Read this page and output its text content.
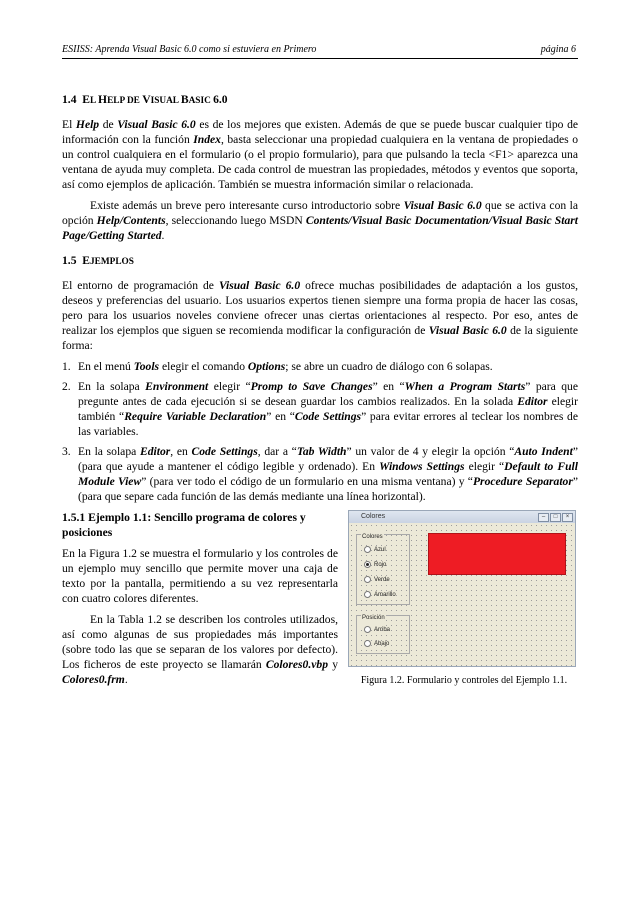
ESIISS: Aprenda Visual Basic 6.0 como si estuviera en Primero	página 6
1.4 EL HELP DE VISUAL BASIC 6.0

El Help de Visual Basic 6.0 es de los mejores que existen. Además de que se puede buscar cualquier tipo de información con la función Index, basta seleccionar una propiedad cualquiera en la ventana de propiedades o un control cualquiera en el formulario (o el propio formulario), para que pulsando la tecla <F1> aparezca una ventana de ayuda muy completa. De cada control de muestran las propiedades, métodos y eventos que soporta, así como ejemplos de aplicación. También se muestra información similar o relacionada.

Existe además un breve pero interesante curso introductorio sobre Visual Basic 6.0 que se activa con la opción Help/Contents, seleccionando luego MSDN Contents/Visual Basic Documentation/Visual Basic Start Page/Getting Started.

1.5 EJEMPLOS

El entorno de programación de Visual Basic 6.0 ofrece muchas posibilidades de adaptación a los gustos, deseos y preferencias del usuario. Los usuarios expertos tienen siempre una forma propia de hacer las cosas, pero para los usuarios noveles conviene ofrecer unas ciertas orientaciones al respecto. Por eso, antes de realizar los ejemplos que siguen se recomienda modificar la configuración de Visual Basic 6.0 de la siguiente forma:

1. En el menú Tools elegir el comando Options; se abre un cuadro de diálogo con 6 solapas.
2. En la solapa Environment elegir “Promp to Save Changes” en “When a Program Starts” para que pregunte antes de cada ejecución si se desean guardar los cambios realizados. En la solada Editor elegir también “Require Variable Declaration” en “Code Settings” para evitar errores al teclear los nombres de las variables.
3. En la solapa Editor, en Code Settings, dar a “Tab Width” un valor de 4 y elegir la opción “Auto Indent” (para que ayude a mantener el código legible y ordenado). En Windows Settings elegir “Default to Full Module View” (para ver todo el código de un formulario en una misma ventana) y “Procedure Separator” (para que separe cada función de las demás mediante una línea horizontal).
1.5.1 Ejemplo 1.1: Sencillo programa de colores y posiciones

En la Figura 1.2 se muestra el formulario y los controles de un ejemplo muy sencillo que permite mover una caja de texto por la pantalla, permitiendo a su vez representarla con cuatro colores diferentes.

En la Tabla 1.2 se describen los controles utilizados, así como algunas de sus propiedades más importantes (sobre todo las que se separan de los valores por defecto). Los ficheros de este proyecto se llamarán Colores0.vbp y Colores0.frm.

Colores	–	□	×
Colores
Azul
Rojo
Verde
Amarillo
Posición
Arriba
Abajo
Figura 1.2. Formulario y controles del Ejemplo 1.1.
